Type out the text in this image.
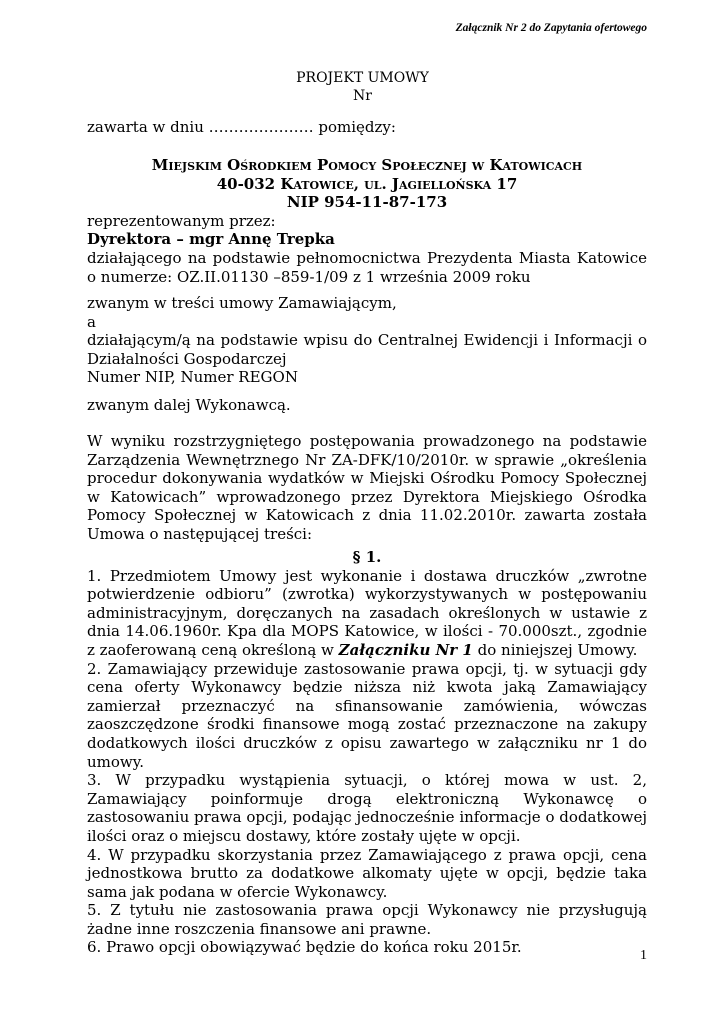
Załącznik Nr 2 do Zapytania ofertowego
PROJEKT UMOWY
Nr

zawarta w dniu ………………… pomiędzy:

Miejskim Ośrodkiem Pomocy Społecznej w Katowicach

40-032 Katowice, ul. Jagiellońska 17

NIP 954-11-87-173

reprezentowanym przez:

Dyrektora – mgr Annę Trepka

działającego na podstawie pełnomocnictwa Prezydenta Miasta Katowice o numerze: OZ.II.01130 –859-1/09 z 1 września 2009 roku

zwanym w treści umowy Zamawiającym,

a

działającym/ą na podstawie wpisu do Centralnej Ewidencji i Informacji o Działalności Gospodarczej

Numer NIP, Numer REGON

zwanym dalej Wykonawcą.

W wyniku rozstrzygniętego postępowania prowadzonego na podstawie Zarządzenia Wewnętrznego Nr ZA-DFK/10/2010r. w sprawie „określenia procedur dokonywania wydatków w Miejski Ośrodku Pomocy Społecznej w Katowicach” wprowadzonego przez Dyrektora Miejskiego Ośrodka Pomocy Społecznej w Katowicach z dnia 11.02.2010r. zawarta została Umowa o następującej treści:

§ 1.

1. Przedmiotem Umowy jest wykonanie i dostawa druczków „zwrotne potwierdzenie odbioru” (zwrotka) wykorzystywanych w postępowaniu administracyjnym, doręczanych na zasadach określonych w ustawie z dnia 14.06.1960r. Kpa dla MOPS Katowice, w ilości - 70.000szt., zgodnie z zaoferowaną ceną określoną w Załączniku Nr 1 do niniejszej Umowy.

2. Zamawiający przewiduje zastosowanie prawa opcji, tj. w sytuacji gdy cena oferty Wykonawcy będzie niższa niż kwota jaką Zamawiający zamierzał przeznaczyć na sfinansowanie zamówienia, wówczas zaoszczędzone środki finansowe mogą zostać przeznaczone na zakupy dodatkowych ilości druczków z opisu zawartego w załączniku nr 1 do umowy.

3. W przypadku wystąpienia sytuacji, o której mowa w ust. 2, Zamawiający poinformuje drogą elektroniczną Wykonawcę o zastosowaniu prawa opcji, podając jednocześnie informacje o dodatkowej ilości oraz o miejscu dostawy, które zostały ujęte w opcji.

4. W przypadku skorzystania przez Zamawiającego z prawa opcji, cena jednostkowa brutto za dodatkowe alkomaty ujęte w opcji, będzie taka sama jak podana w ofercie Wykonawcy.

5. Z tytułu nie zastosowania prawa opcji Wykonawcy nie przysługują żadne inne roszczenia finansowe ani prawne.

6. Prawo opcji obowiązywać będzie do końca roku 2015r.	1
